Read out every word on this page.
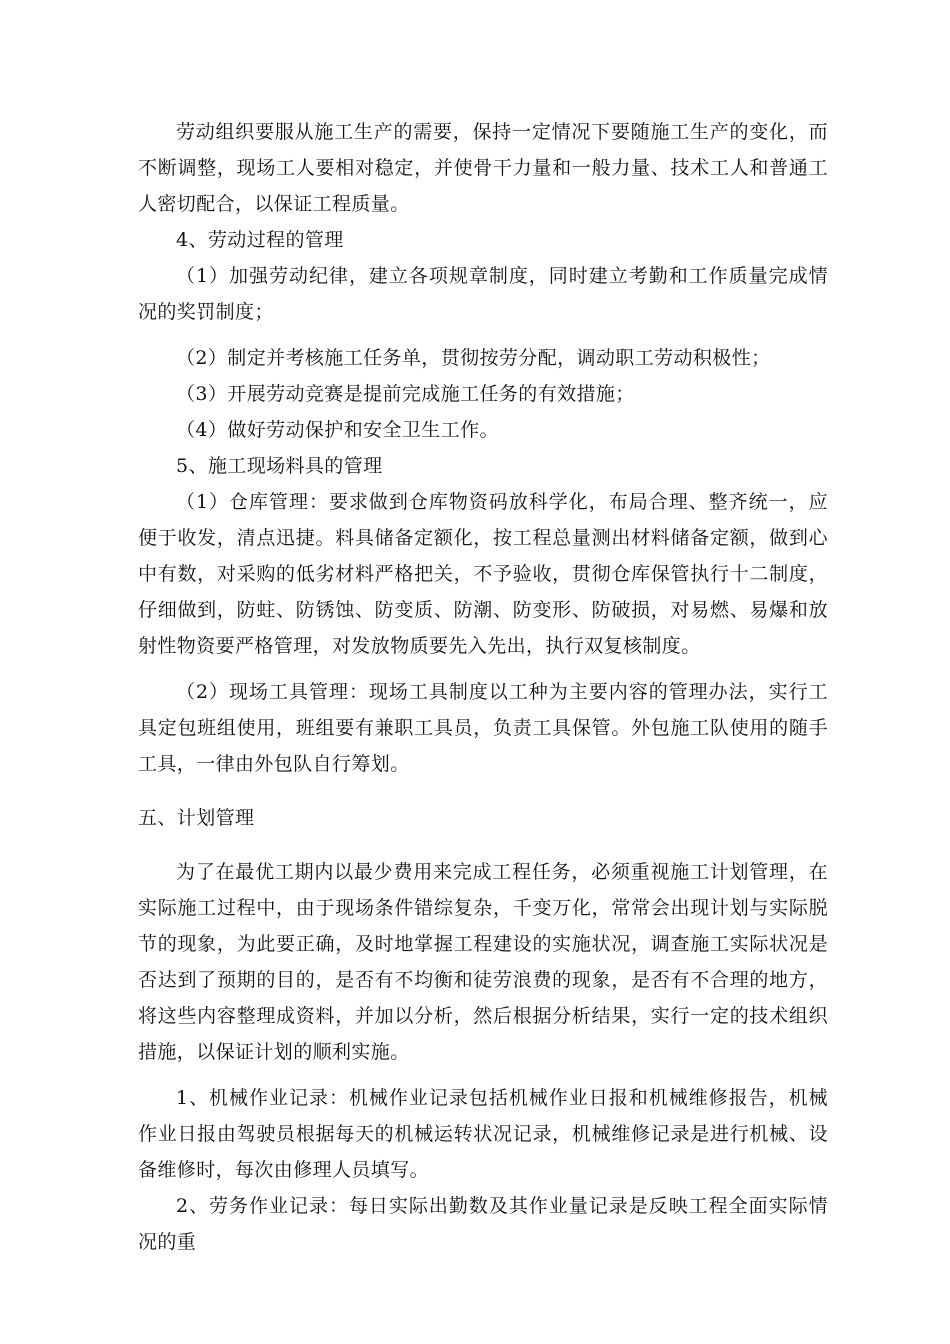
劳动组织要服从施工生产的需要，保持一定情况下要随施工生产的变化，而不断调整，现场工人要相对稳定，并使骨干力量和一般力量、技术工人和普通工人密切配合，以保证工程质量。

4、劳动过程的管理

（1）加强劳动纪律，建立各项规章制度，同时建立考勤和工作质量完成情况的奖罚制度；

（2）制定并考核施工任务单，贯彻按劳分配，调动职工劳动积极性；

（3）开展劳动竞赛是提前完成施工任务的有效措施；

（4）做好劳动保护和安全卫生工作。

5、施工现场料具的管理

（1）仓库管理：要求做到仓库物资码放科学化，布局合理、整齐统一，应便于收发，清点迅捷。料具储备定额化，按工程总量测出材料储备定额，做到心中有数，对采购的低劣材料严格把关，不予验收，贯彻仓库保管执行十二制度，仔细做到，防蛀、防锈蚀、防变质、防潮、防变形、防破损，对易燃、易爆和放射性物资要严格管理，对发放物质要先入先出，执行双复核制度。

（2）现场工具管理：现场工具制度以工种为主要内容的管理办法，实行工具定包班组使用，班组要有兼职工具员，负责工具保管。外包施工队使用的随手工具，一律由外包队自行筹划。

五、计划管理

为了在最优工期内以最少费用来完成工程任务，必须重视施工计划管理，在实际施工过程中，由于现场条件错综复杂，千变万化，常常会出现计划与实际脱节的现象，为此要正确，及时地掌握工程建设的实施状况，调查施工实际状况是否达到了预期的目的，是否有不均衡和徒劳浪费的现象，是否有不合理的地方，将这些内容整理成资料，并加以分析，然后根据分析结果，实行一定的技术组织措施，以保证计划的顺利实施。

1、机械作业记录：机械作业记录包括机械作业日报和机械维修报告，机械作业日报由驾驶员根据每天的机械运转状况记录，机械维修记录是进行机械、设备维修时，每次由修理人员填写。

2、劳务作业记录：每日实际出勤数及其作业量记录是反映工程全面实际情况的重
